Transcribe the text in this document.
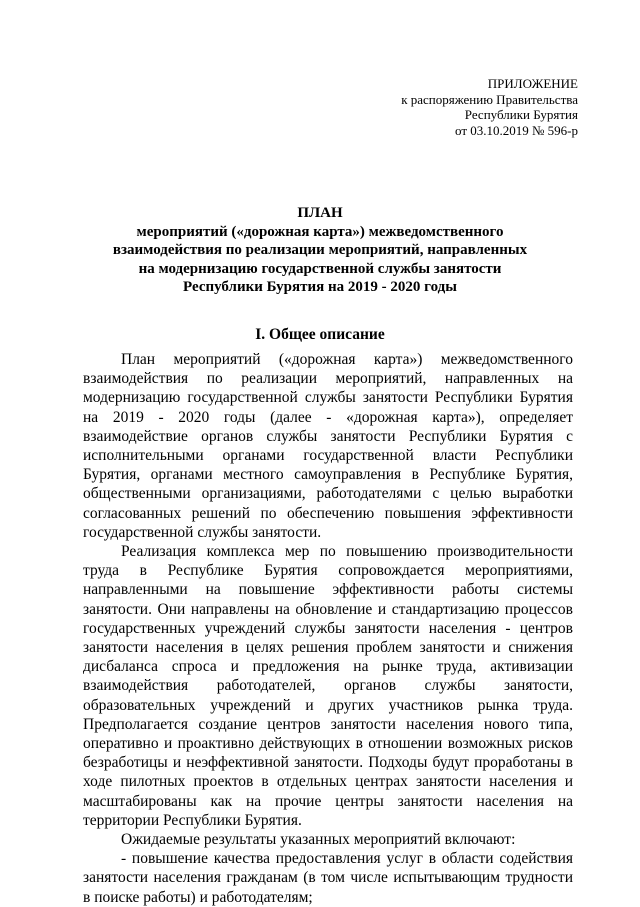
ПРИЛОЖЕНИЕ
к распоряжению Правительства
Республики Бурятия
от 03.10.2019 № 596-р
ПЛАН
мероприятий («дорожная карта») межведомственного
взаимодействия по реализации мероприятий, направленных
на модернизацию государственной службы занятости
Республики Бурятия на 2019 - 2020 годы
I. Общее описание

План мероприятий («дорожная карта») межведомственного взаимодействия по реализации мероприятий, направленных на модернизацию государственной службы занятости Республики Бурятия на 2019 - 2020 годы (далее - «дорожная карта»), определяет взаимодействие органов службы занятости Республики Бурятия с исполнительными органами государственной власти Республики Бурятия, органами местного самоуправления в Республике Бурятия, общественными организациями, работодателями с целью выработки согласованных решений по обеспечению повышения эффективности государственной службы занятости.

Реализация комплекса мер по повышению производительности труда в Республике Бурятия сопровождается мероприятиями, направленными на повышение эффективности работы системы занятости. Они направлены на обновление и стандартизацию процессов государственных учреждений службы занятости населения - центров занятости населения в целях решения проблем занятости и снижения дисбаланса спроса и предложения на рынке труда, активизации взаимодействия работодателей, органов службы занятости, образовательных учреждений и других участников рынка труда. Предполагается создание центров занятости населения нового типа, оперативно и проактивно действующих в отношении возможных рисков безработицы и неэффективной занятости. Подходы будут проработаны в ходе пилотных проектов в отдельных центрах занятости населения и масштабированы как на прочие центры занятости населения на территории Республики Бурятия.

Ожидаемые результаты указанных мероприятий включают:

- повышение качества предоставления услуг в области содействия занятости населения гражданам (в том числе испытывающим трудности в поиске работы) и работодателям;
